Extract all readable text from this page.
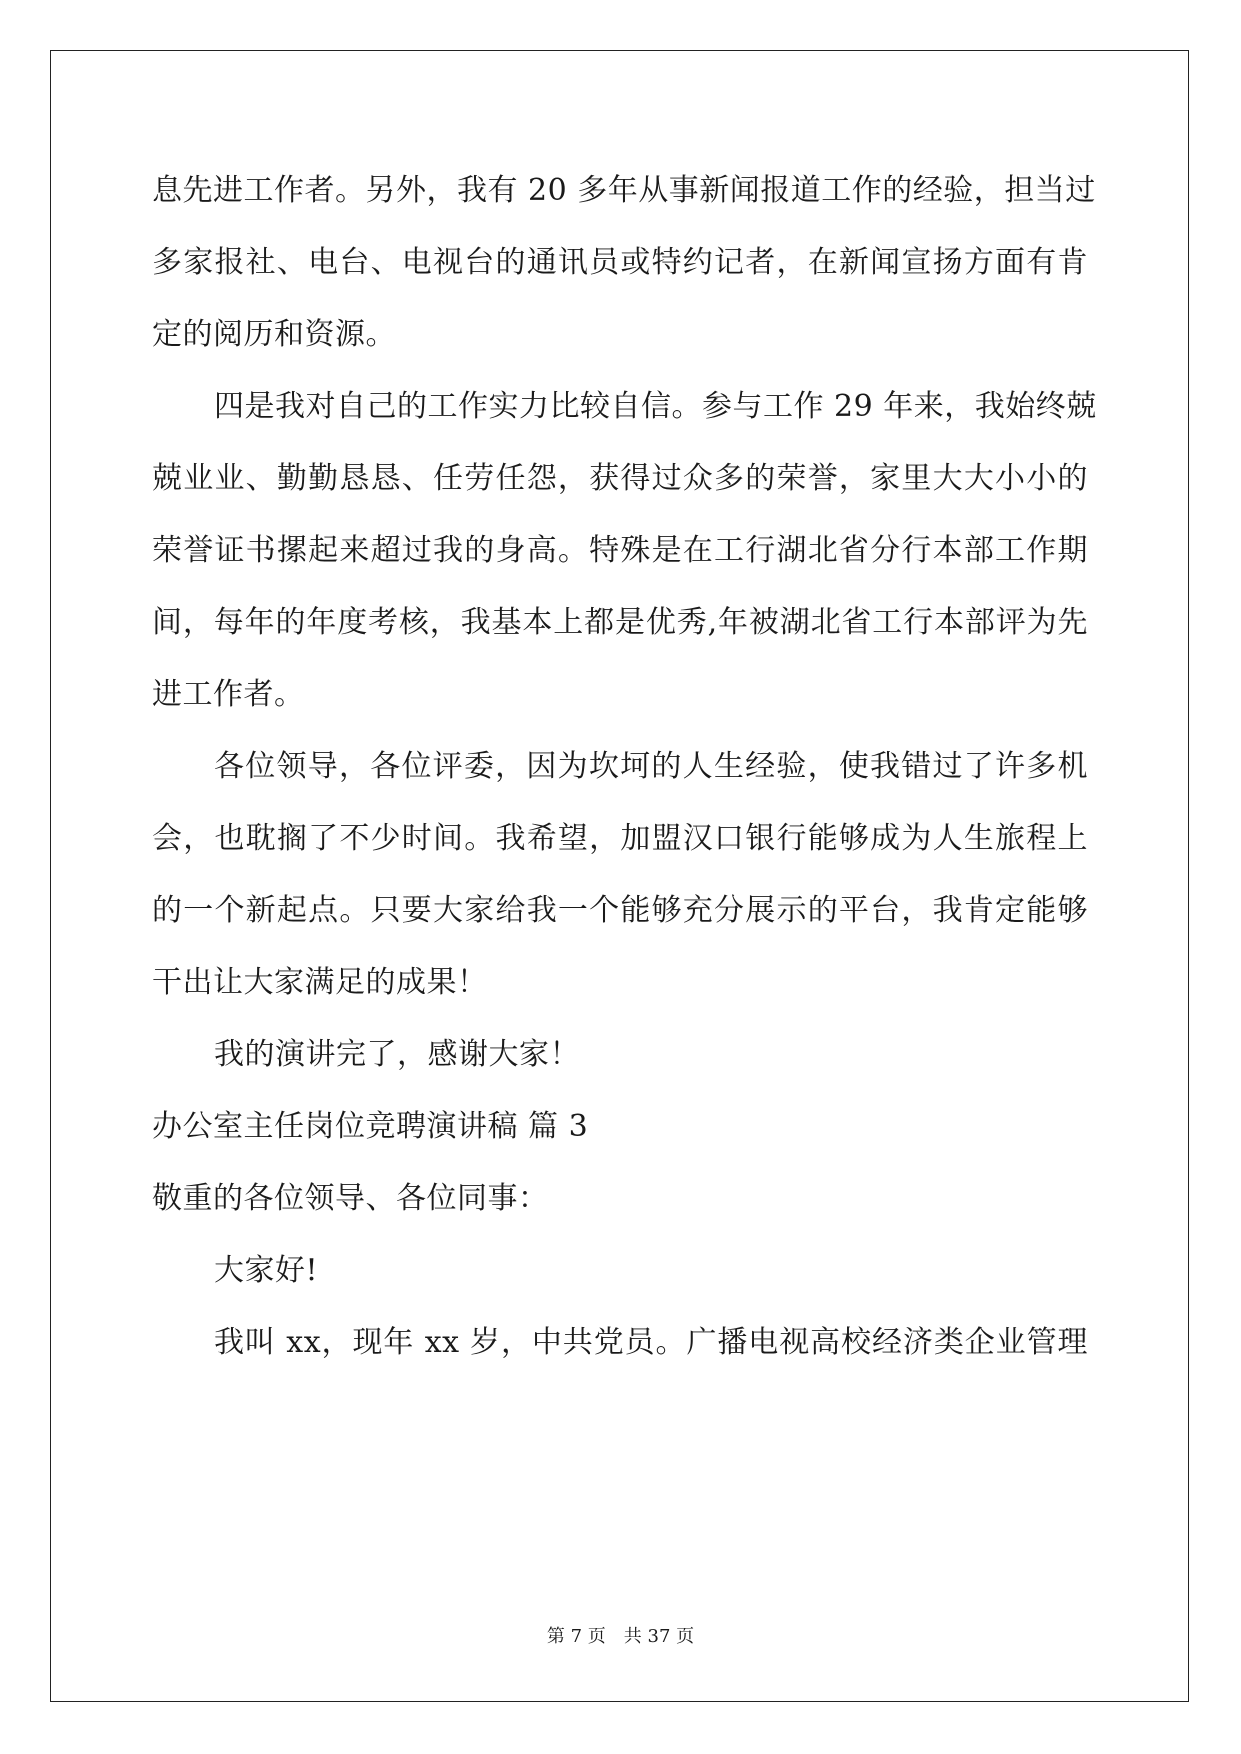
息先进工作者。另外，我有 20 多年从事新闻报道工作的经验，担当过
多家报社、电台、电视台的通讯员或特约记者，在新闻宣扬方面有肯
定的阅历和资源。
四是我对自己的工作实力比较自信。参与工作 29 年来，我始终兢
兢业业、勤勤恳恳、任劳任怨，获得过众多的荣誉，家里大大小小的
荣誉证书摞起来超过我的身高。特殊是在工行湖北省分行本部工作期
间，每年的年度考核，我基本上都是优秀,年被湖北省工行本部评为先
进工作者。
各位领导，各位评委，因为坎坷的人生经验，使我错过了许多机
会，也耽搁了不少时间。我希望，加盟汉口银行能够成为人生旅程上
的一个新起点。只要大家给我一个能够充分展示的平台，我肯定能够
干出让大家满足的成果！
我的演讲完了，感谢大家！
办公室主任岗位竞聘演讲稿 篇 3
敬重的各位领导、各位同事：
大家好!
我叫 xx，现年 xx 岁，中共党员。广播电视高校经济类企业管理
第 7 页　共 37 页
